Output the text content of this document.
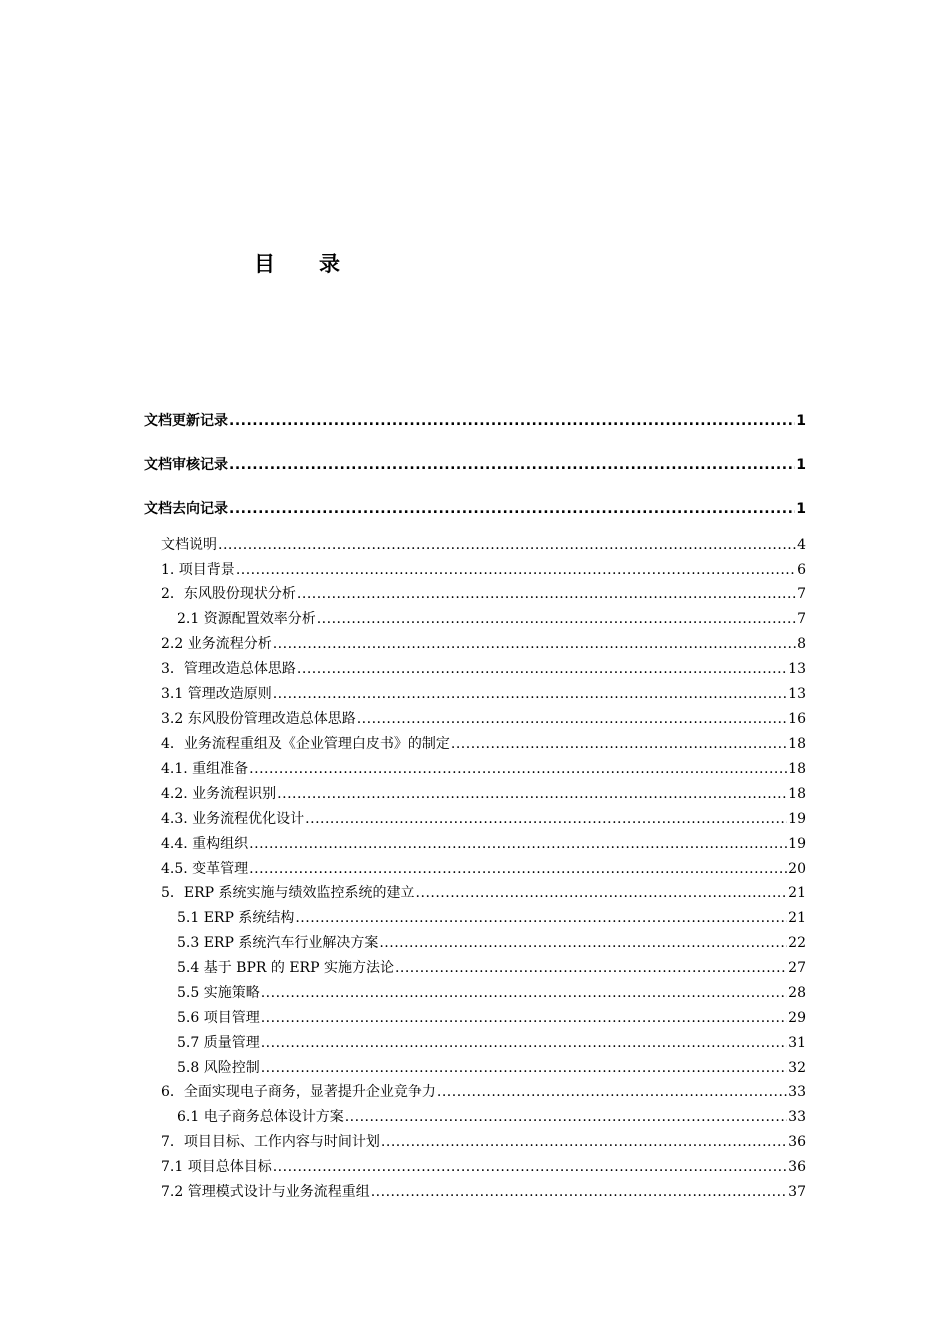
目 录
文档更新记录 .....	1
文档审核记录 .....	1
文档去向记录 .....	1
文档说明 .....	4
1. 项目背景 .....	6
2．东风股份现状分析 .....	7
2.1 资源配置效率分析 .....	7
2.2 业务流程分析 .....	8
3．管理改造总体思路 .....	13
3.1 管理改造原则 .....	13
3.2 东风股份管理改造总体思路 .....	16
4．业务流程重组及《企业管理白皮书》的制定 .....	18
4.1. 重组准备 .....	18
4.2. 业务流程识别 .....	18
4.3. 业务流程优化设计 .....	19
4.4. 重构组织 .....	19
4.5. 变革管理 .....	20
5．ERP 系统实施与绩效监控系统的建立 .....	21
5.1 ERP 系统结构 .....	21
5.3 ERP 系统汽车行业解决方案 .....	22
5.4 基于 BPR 的 ERP 实施方法论 .....	27
5.5 实施策略 .....	28
5.6 项目管理 .....	29
5.7 质量管理 .....	31
5.8 风险控制 .....	32
6．全面实现电子商务，显著提升企业竞争力 .....	33
6.1 电子商务总体设计方案 .....	33
7．项目目标、工作内容与时间计划 .....	36
7.1 项目总体目标 .....	36
7.2 管理模式设计与业务流程重组 .....	37
